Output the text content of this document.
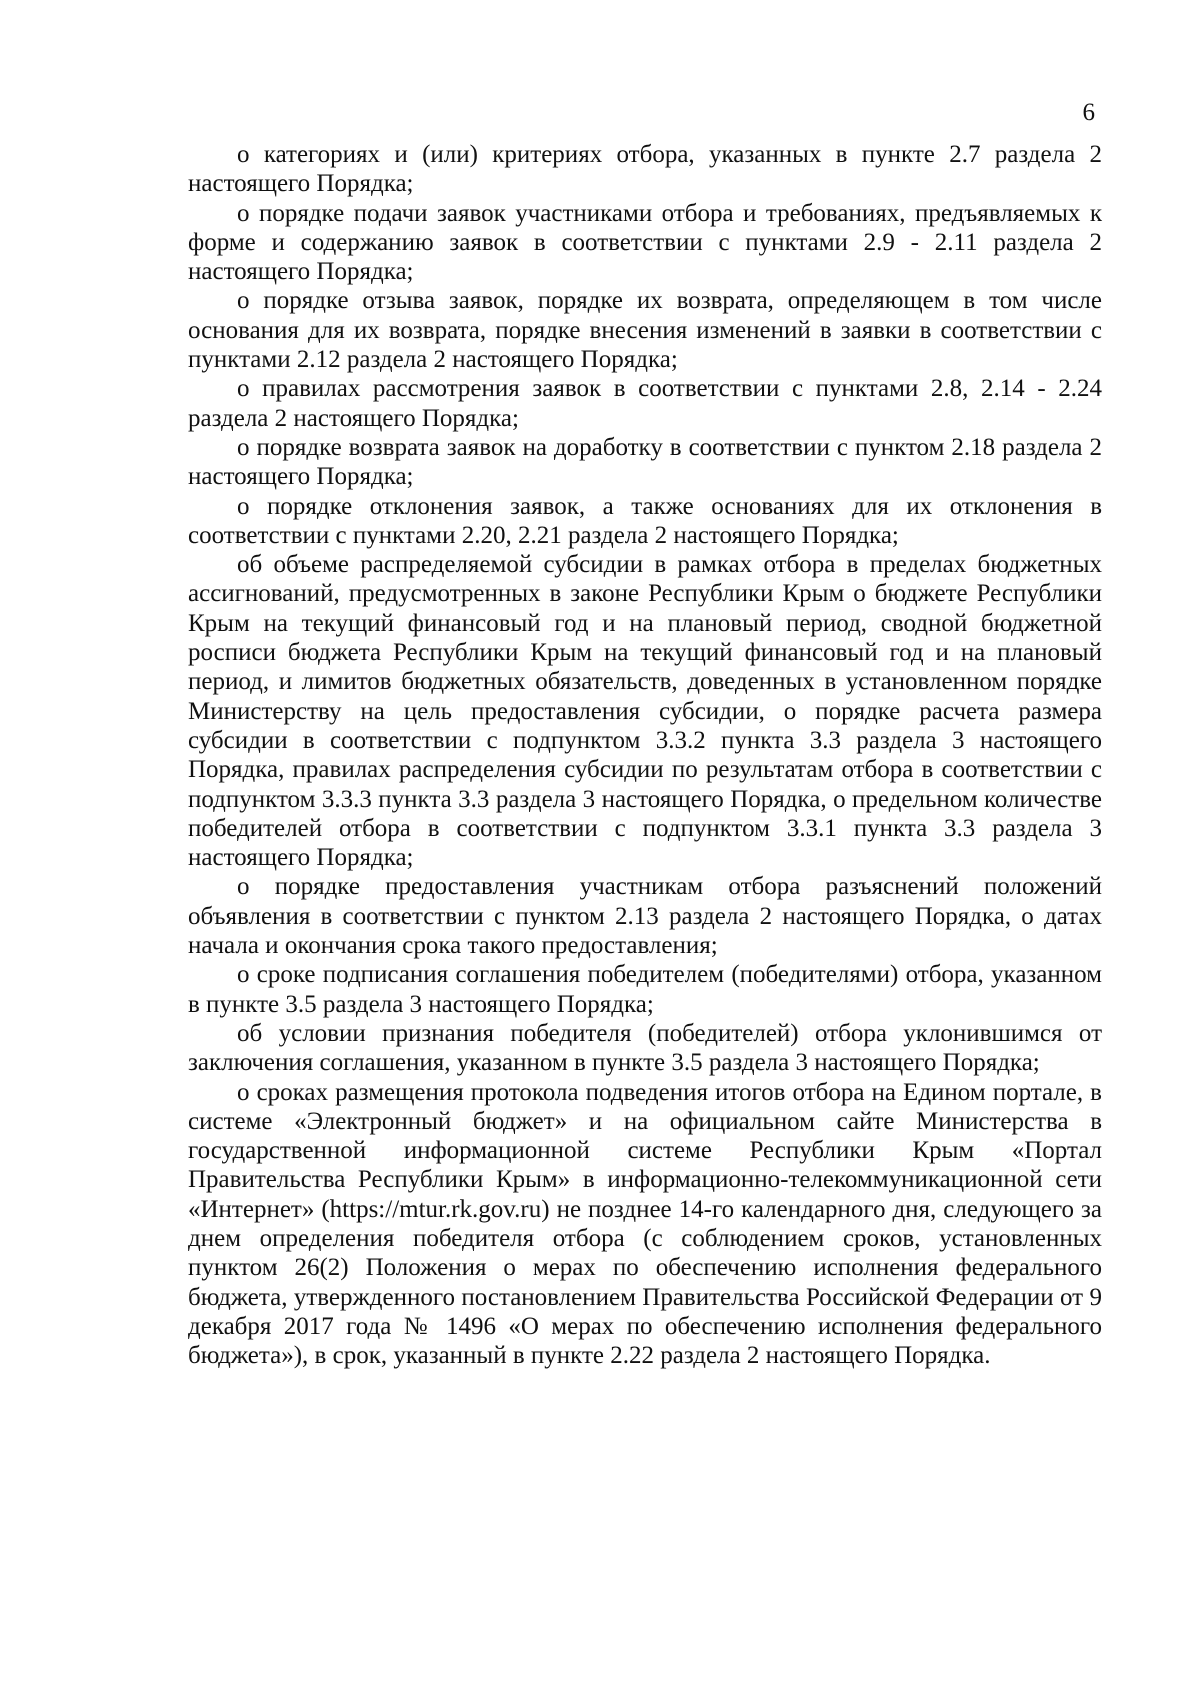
6

о категориях и (или) критериях отбора, указанных в пункте 2.7 раздела 2 настоящего Порядка;

о порядке подачи заявок участниками отбора и требованиях, предъявляемых к форме и содержанию заявок в соответствии с пунктами 2.9 - 2.11 раздела 2 настоящего Порядка;

о порядке отзыва заявок, порядке их возврата, определяющем в том числе основания для их возврата, порядке внесения изменений в заявки в соответствии с пунктами 2.12 раздела 2 настоящего Порядка;

о правилах рассмотрения заявок в соответствии с пунктами 2.8, 2.14 - 2.24 раздела 2 настоящего Порядка;

о порядке возврата заявок на доработку в соответствии с пунктом 2.18 раздела 2 настоящего Порядка;

о порядке отклонения заявок, а также основаниях для их отклонения в соответствии с пунктами 2.20, 2.21 раздела 2 настоящего Порядка;

об объеме распределяемой субсидии в рамках отбора в пределах бюджетных ассигнований, предусмотренных в законе Республики Крым о бюджете Республики Крым на текущий финансовый год и на плановый период, сводной бюджетной росписи бюджета Республики Крым на текущий финансовый год и на плановый период, и лимитов бюджетных обязательств, доведенных в установленном порядке Министерству на цель предоставления субсидии, о порядке расчета размера субсидии в соответствии с подпунктом 3.3.2 пункта 3.3 раздела 3 настоящего Порядка, правилах распределения субсидии по результатам отбора в соответствии с подпунктом 3.3.3 пункта 3.3 раздела 3 настоящего Порядка, о предельном количестве победителей отбора в соответствии с подпунктом 3.3.1 пункта 3.3 раздела 3 настоящего Порядка;

о порядке предоставления участникам отбора разъяснений положений объявления в соответствии с пунктом 2.13 раздела 2 настоящего Порядка, о датах начала и окончания срока такого предоставления;

о сроке подписания соглашения победителем (победителями) отбора, указанном в пункте 3.5 раздела 3 настоящего Порядка;

об условии признания победителя (победителей) отбора уклонившимся от заключения соглашения, указанном в пункте 3.5 раздела 3 настоящего Порядка;

о сроках размещения протокола подведения итогов отбора на Едином портале, в системе «Электронный бюджет» и на официальном сайте Министерства в государственной информационной системе Республики Крым «Портал Правительства Республики Крым» в информационно-телекоммуникационной сети «Интернет» (https://mtur.rk.gov.ru) не позднее 14-го календарного дня, следующего за днем определения победителя отбора (с соблюдением сроков, установленных пунктом 26(2) Положения о мерах по обеспечению исполнения федерального бюджета, утвержденного постановлением Правительства Российской Федерации от 9 декабря 2017 года № 1496 «О мерах по обеспечению исполнения федерального бюджета»), в срок, указанный в пункте 2.22 раздела 2 настоящего Порядка.
